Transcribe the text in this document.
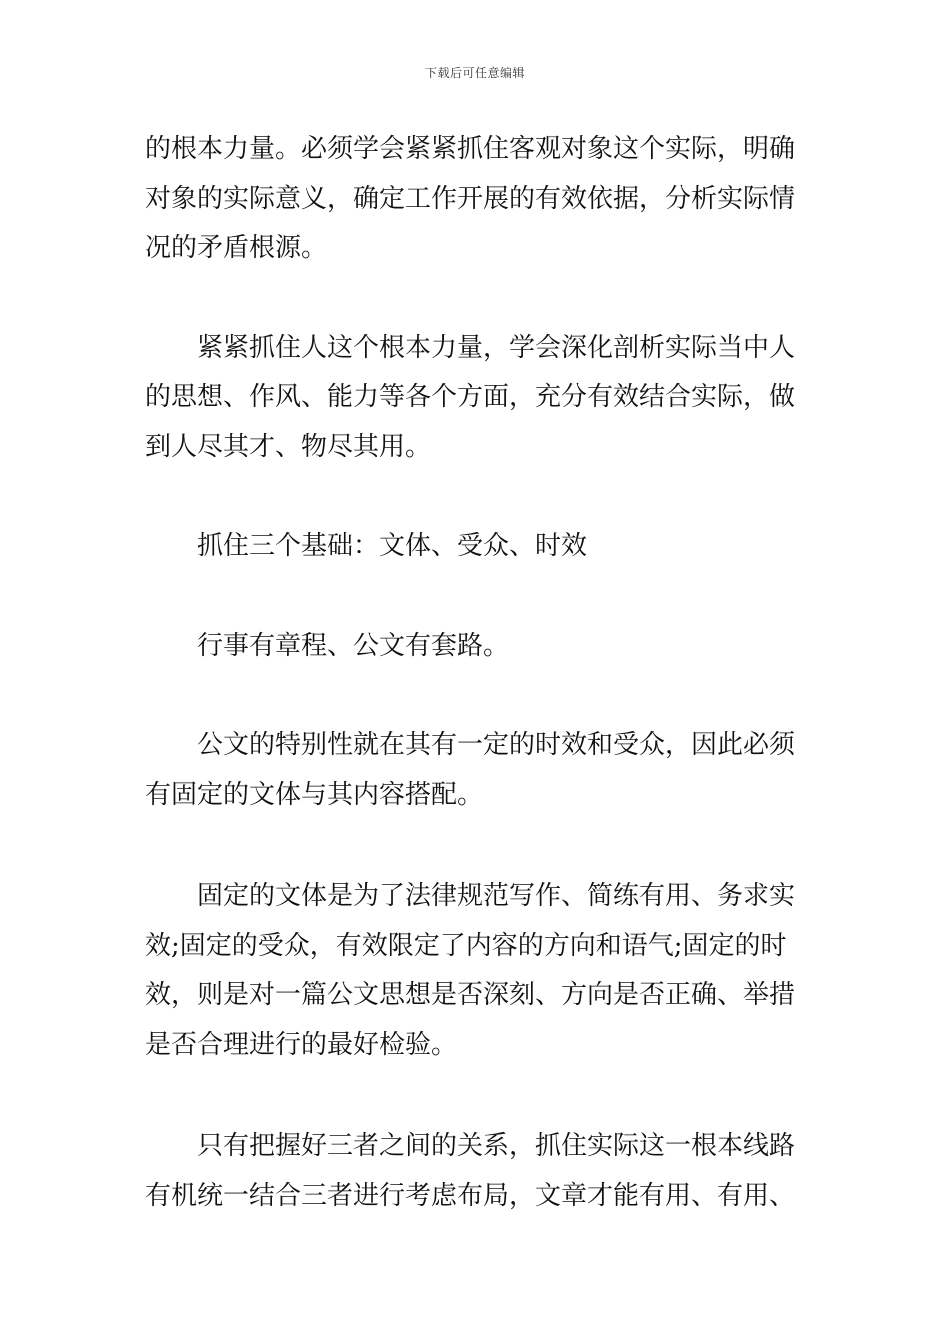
下载后可任意编辑

的根本力量。必须学会紧紧抓住客观对象这个实际，明确对象的实际意义，确定工作开展的有效依据，分析实际情况的矛盾根源。

紧紧抓住人这个根本力量，学会深化剖析实际当中人的思想、作风、能力等各个方面，充分有效结合实际，做到人尽其才、物尽其用。

抓住三个基础：文体、受众、时效

行事有章程、公文有套路。

公文的特别性就在其有一定的时效和受众，因此必须有固定的文体与其内容搭配。

固定的文体是为了法律规范写作、简练有用、务求实效;固定的受众，有效限定了内容的方向和语气;固定的时效，则是对一篇公文思想是否深刻、方向是否正确、举措是否合理进行的最好检验。

只有把握好三者之间的关系，抓住实际这一根本线路有机统一结合三者进行考虑布局，文章才能有用、有用、
